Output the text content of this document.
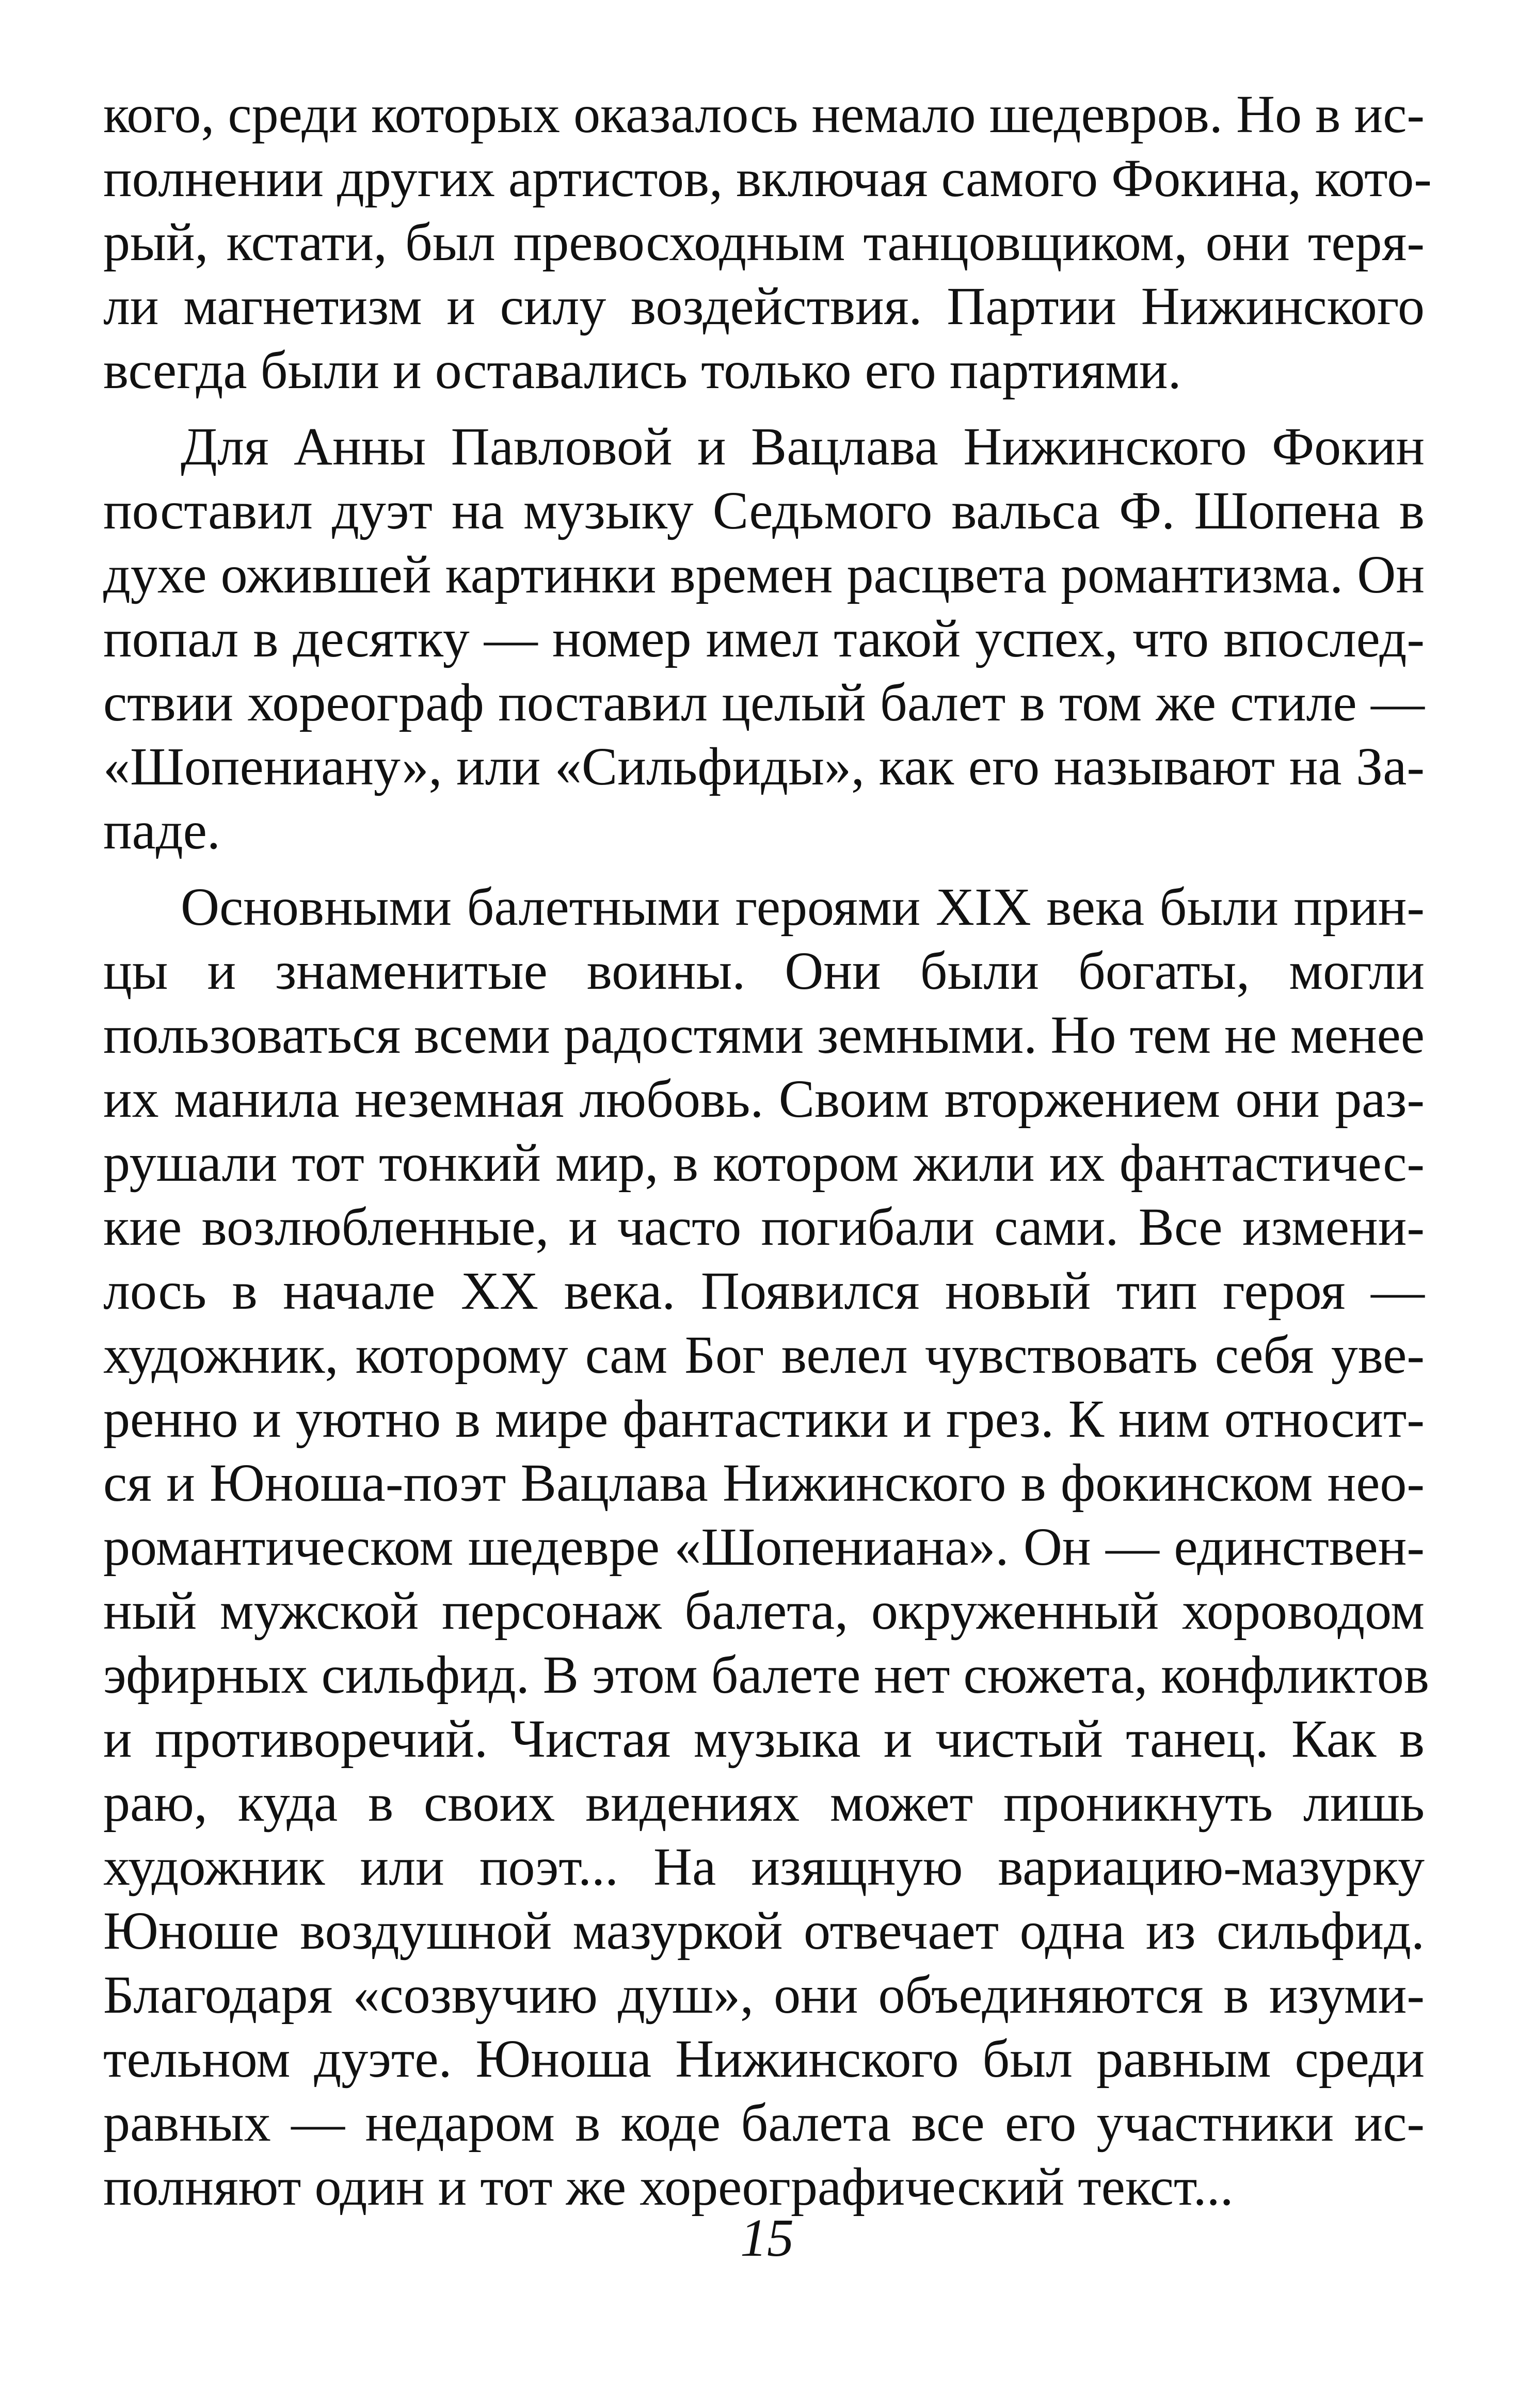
кого, среди которых оказалось немало шедевров. Но в ис-
полнении других артистов, включая самого Фокина, кото-
рый, кстати, был превосходным танцовщиком, они теря-
ли магнетизм и силу воздействия. Партии Нижинского
всегда были и оставались только его партиями.
Для Анны Павловой и Вацлава Нижинского Фокин
поставил дуэт на музыку Седьмого вальса Ф. Шопена в
духе ожившей картинки времен расцвета романтизма. Он
попал в десятку — номер имел такой успех, что впослед-
ствии хореограф поставил целый балет в том же стиле —
«Шопениану», или «Сильфиды», как его называют на За-
паде.
Основными балетными героями XIX века были прин-
цы и знаменитые воины. Они были богаты, могли
пользоваться всеми радостями земными. Но тем не менее
их манила неземная любовь. Своим вторжением они раз-
рушали тот тонкий мир, в котором жили их фантастичес-
кие возлюбленные, и часто погибали сами. Все измени-
лось в начале XX века. Появился новый тип героя —
художник, которому сам Бог велел чувствовать себя уве-
ренно и уютно в мире фантастики и грез. К ним относит-
ся и Юноша-поэт Вацлава Нижинского в фокинском нео-
романтическом шедевре «Шопениана». Он — единствен-
ный мужской персонаж балета, окруженный хороводом
эфирных сильфид. В этом балете нет сюжета, конфликтов
и противоречий. Чистая музыка и чистый танец. Как в
раю, куда в своих видениях может проникнуть лишь
художник или поэт... На изящную вариацию-мазурку
Юноше воздушной мазуркой отвечает одна из сильфид.
Благодаря «созвучию душ», они объединяются в изуми-
тельном дуэте. Юноша Нижинского был равным среди
равных — недаром в коде балета все его участники ис-
полняют один и тот же хореографический текст...
15
